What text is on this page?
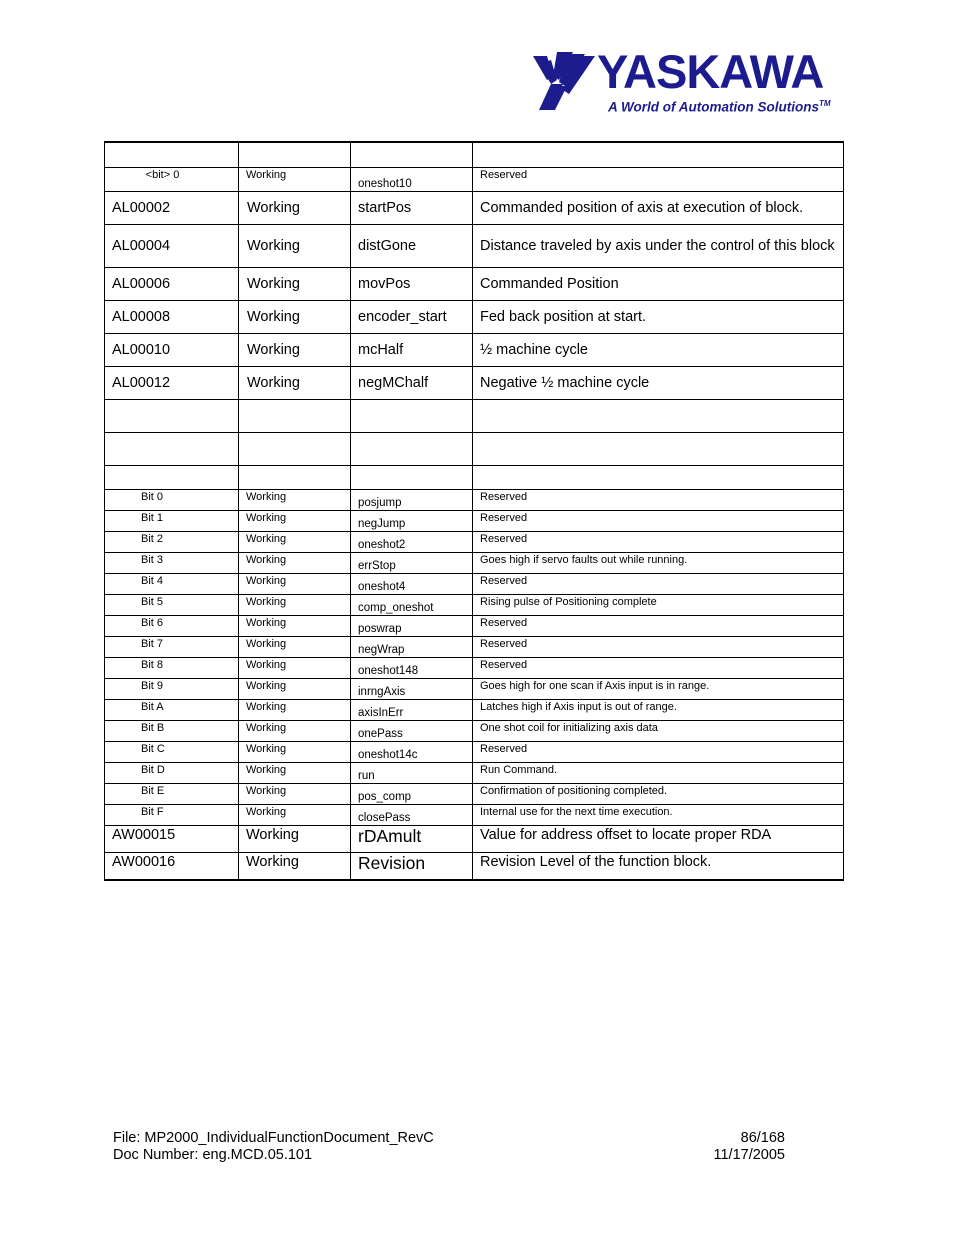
YASKAWA
A World of Automation Solutions™

<bit> 0	Working	oneshot10	Reserved
AL00002	Working	startPos	Commanded position of axis at execution of block.
AL00004	Working	distGone	Distance traveled by axis under the control of this block
AL00006	Working	movPos	Commanded Position
AL00008	Working	encoder_start	Fed back position at start.
AL00010	Working	mcHalf	½ machine cycle
AL00012	Working	negMChalf	Negative ½ machine cycle

Bit 0	Working	posjump	Reserved
Bit 1	Working	negJump	Reserved
Bit 2	Working	oneshot2	Reserved
Bit 3	Working	errStop	Goes high if servo faults out while running.
Bit 4	Working	oneshot4	Reserved
Bit 5	Working	comp_oneshot	Rising pulse of Positioning complete
Bit 6	Working	poswrap	Reserved
Bit 7	Working	negWrap	Reserved
Bit 8	Working	oneshot148	Reserved
Bit 9	Working	inrngAxis	Goes high for one scan if Axis input is in range.
Bit A	Working	axisInErr	Latches high if Axis input is out of range.
Bit B	Working	onePass	One shot coil for initializing axis data
Bit C	Working	oneshot14c	Reserved
Bit D	Working	run	Run Command.
Bit E	Working	pos_comp	Confirmation of positioning completed.
Bit F	Working	closePass	Internal use for the next time execution.
AW00015	Working	rDAmult	Value for address offset to locate proper RDA
AW00016	Working	Revision	Revision Level of the function block.
File: MP2000_IndividualFunctionDocument_RevC
Doc Number: eng.MCD.05.101
86/168
11/17/2005
